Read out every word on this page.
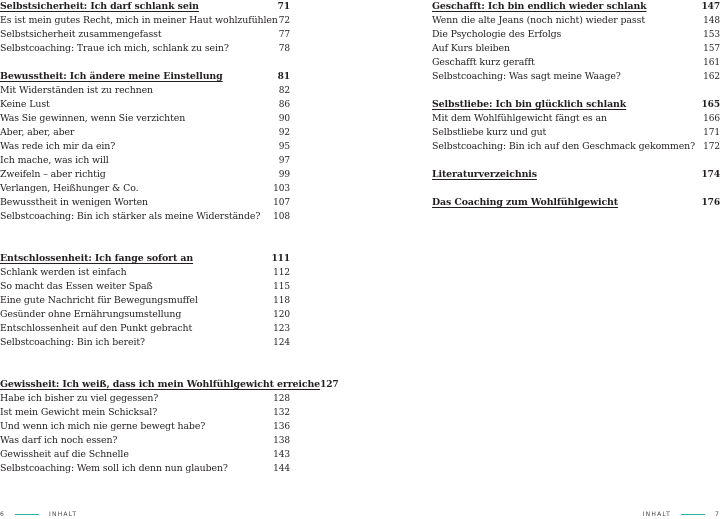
Selbstsicherheit: Ich darf schlank sein	71
Es ist mein gutes Recht, mich in meiner Haut wohlzufühlen 72
Selbstsicherheit zusammengefasst	77
Selbstcoaching: Traue ich mich, schlank zu sein?	78
Bewusstheit: Ich ändere meine Einstellung	81
Mit Widerständen ist zu rechnen	82
Keine Lust	86
Was Sie gewinnen, wenn Sie verzichten	90
Aber, aber, aber	92
Was rede ich mir da ein?	95
Ich mache, was ich will	97
Zweifeln – aber richtig	99
Verlangen, Heißhunger & Co.	103
Bewusstheit in wenigen Worten	107
Selbstcoaching: Bin ich stärker als meine Widerstände? 108
Entschlossenheit: Ich fange sofort an	111
Schlank werden ist einfach	112
So macht das Essen weiter Spaß	115
Eine gute Nachricht für Bewegungsmuffel	118
Gesünder ohne Ernährungsumstellung	120
Entschlossenheit auf den Punkt gebracht	123
Selbstcoaching: Bin ich bereit?	124
Gewissheit: Ich weiß, dass ich mein Wohlfühlgewicht erreiche 127
Habe ich bisher zu viel gegessen?	128
Ist mein Gewicht mein Schicksal?	132
Und wenn ich mich nie gerne bewegt habe?	136
Was darf ich noch essen?	138
Gewissheit auf die Schnelle	143
Selbstcoaching: Wem soll ich denn nun glauben?	144
Geschafft: Ich bin endlich wieder schlank	147
Wenn die alte Jeans (noch nicht) wieder passt	148
Die Psychologie des Erfolgs	153
Auf Kurs bleiben	157
Geschafft kurz gerafft	161
Selbstcoaching: Was sagt meine Waage?	162
Selbstliebe: Ich bin glücklich schlank	165
Mit dem Wohlfühlgewicht fängt es an	166
Selbstliebe kurz und gut	171
Selbstcoaching: Bin ich auf den Geschmack gekommen? 172
Literaturverzeichnis	174
Das Coaching zum Wohlfühlgewicht	176
6	INHALT	INHALT	7
